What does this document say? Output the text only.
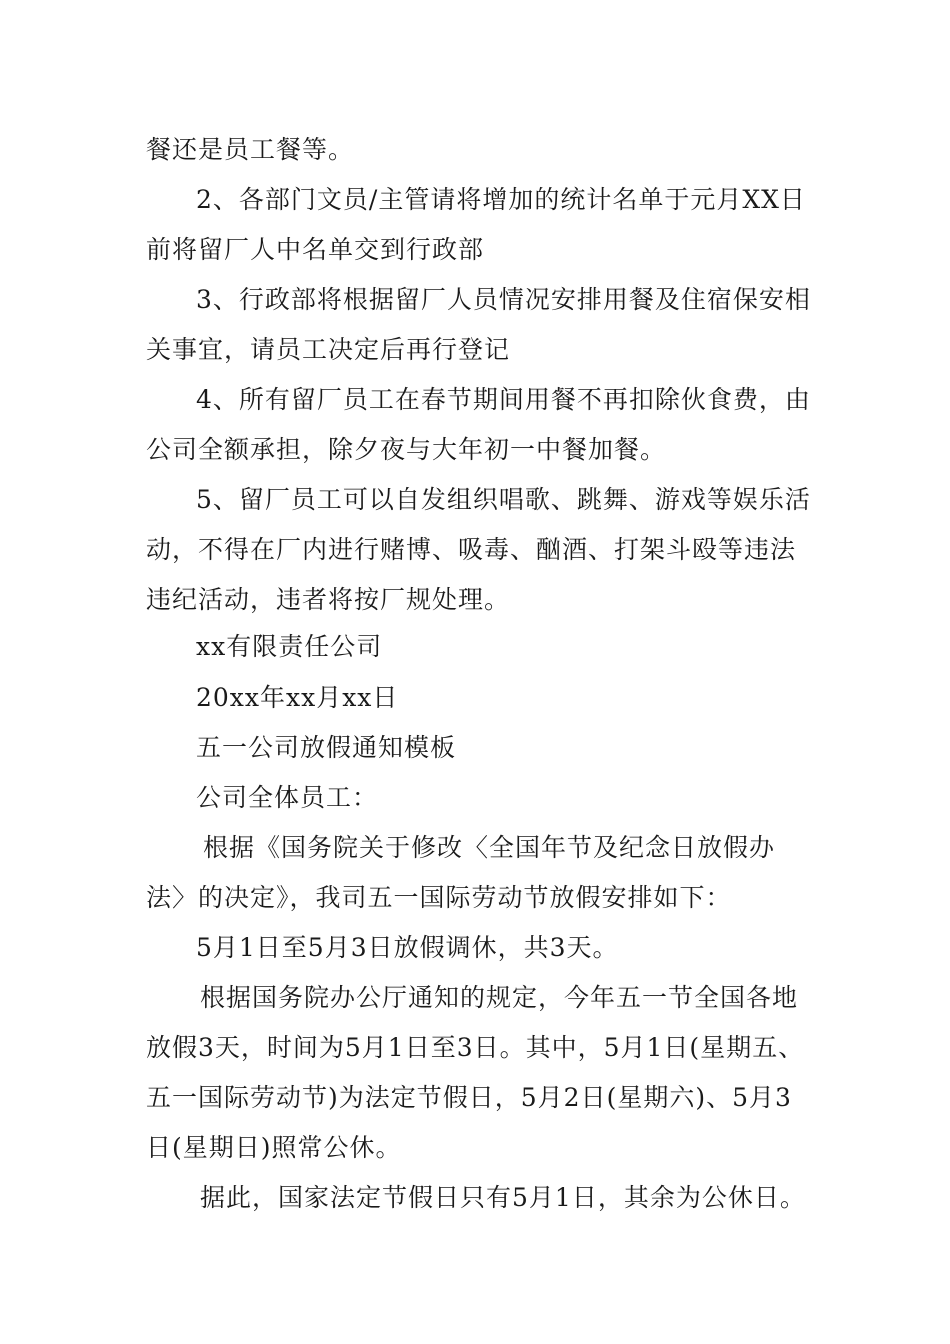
餐还是员工餐等。
2、各部门文员/主管请将增加的统计名单于元月XX日
前将留厂人中名单交到行政部
3、行政部将根据留厂人员情况安排用餐及住宿保安相
关事宜，请员工决定后再行登记
4、所有留厂员工在春节期间用餐不再扣除伙食费，由
公司全额承担，除夕夜与大年初一中餐加餐。
5、留厂员工可以自发组织唱歌、跳舞、游戏等娱乐活
动，不得在厂内进行赌博、吸毒、酗酒、打架斗殴等违法
违纪活动，违者将按厂规处理。
xx有限责任公司
20xx年xx月xx日
五一公司放假通知模板
公司全体员工：
根据《国务院关于修改〈全国年节及纪念日放假办
法〉的决定》，我司五一国际劳动节放假安排如下：
5月1日至5月3日放假调休，共3天。
根据国务院办公厅通知的规定，今年五一节全国各地
放假3天，时间为5月1日至3日。其中，5月1日(星期五、
五一国际劳动节)为法定节假日，5月2日(星期六)、5月3
日(星期日)照常公休。
据此，国家法定节假日只有5月1日，其余为公休日。
